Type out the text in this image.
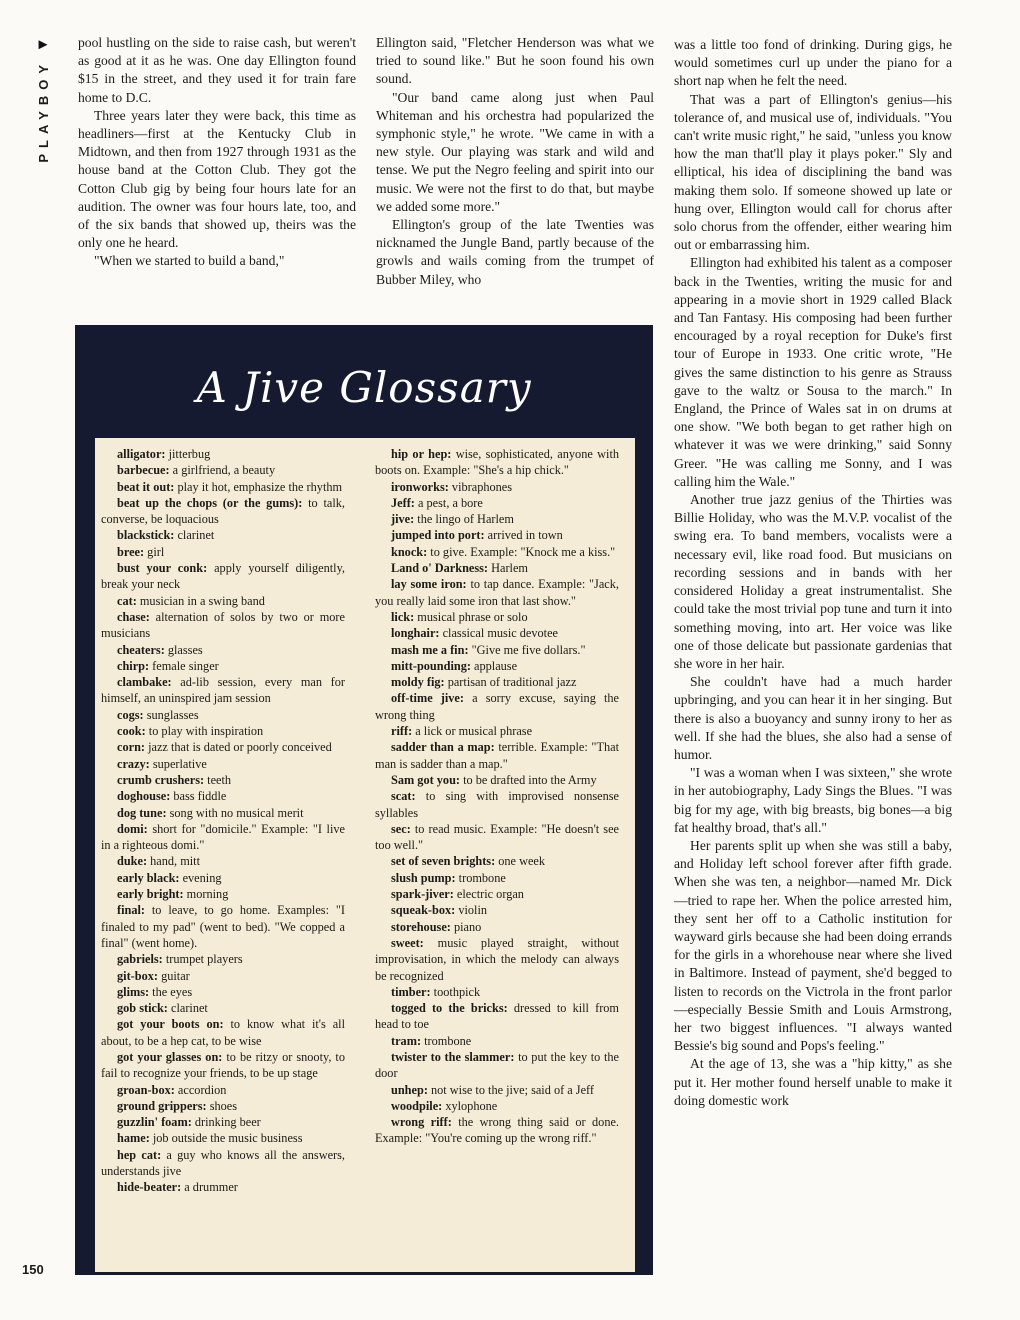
►
PLAYBOY

pool hustling on the side to raise cash, but weren't as good at it as he was. One day Ellington found $15 in the street, and they used it for train fare home to D.C.

Three years later they were back, this time as headliners—first at the Kentucky Club in Midtown, and then from 1927 through 1931 as the house band at the Cotton Club. They got the Cotton Club gig by being four hours late for an audition. The owner was four hours late, too, and of the six bands that showed up, theirs was the only one he heard.

"When we started to build a band,"

Ellington said, "Fletcher Henderson was what we tried to sound like." But he soon found his own sound.

"Our band came along just when Paul Whiteman and his orchestra had popularized the symphonic style," he wrote. "We came in with a new style. Our playing was stark and wild and tense. We put the Negro feeling and spirit into our music. We were not the first to do that, but maybe we added some more."

Ellington's group of the late Twenties was nicknamed the Jungle Band, partly because of the growls and wails coming from the trumpet of Bubber Miley, who

was a little too fond of drinking. During gigs, he would sometimes curl up under the piano for a short nap when he felt the need.

That was a part of Ellington's genius—his tolerance of, and musical use of, individuals. "You can't write music right," he said, "unless you know how the man that'll play it plays poker." Sly and elliptical, his idea of disciplining the band was making them solo. If someone showed up late or hung over, Ellington would call for chorus after solo chorus from the offender, either wearing him out or embarrassing him.

Ellington had exhibited his talent as a composer back in the Twenties, writing the music for and appearing in a movie short in 1929 called Black and Tan Fantasy. His composing had been further encouraged by a royal reception for Duke's first tour of Europe in 1933. One critic wrote, "He gives the same distinction to his genre as Strauss gave to the waltz or Sousa to the march." In England, the Prince of Wales sat in on drums at one show. "We both began to get rather high on whatever it was we were drinking," said Sonny Greer. "He was calling me Sonny, and I was calling him the Wale."

Another true jazz genius of the Thirties was Billie Holiday, who was the M.V.P. vocalist of the swing era. To band members, vocalists were a necessary evil, like road food. But musicians on recording sessions and in bands with her considered Holiday a great instrumentalist. She could take the most trivial pop tune and turn it into something moving, into art. Her voice was like one of those delicate but passionate gardenias that she wore in her hair.

She couldn't have had a much harder upbringing, and you can hear it in her singing. But there is also a buoyancy and sunny irony to her as well. If she had the blues, she also had a sense of humor.

"I was a woman when I was sixteen," she wrote in her autobiography, Lady Sings the Blues. "I was big for my age, with big breasts, big bones—a big fat healthy broad, that's all."

Her parents split up when she was still a baby, and Holiday left school forever after fifth grade. When she was ten, a neighbor—named Mr. Dick—tried to rape her. When the police arrested him, they sent her off to a Catholic institution for wayward girls because she had been doing errands for the girls in a whorehouse near where she lived in Baltimore. Instead of payment, she'd begged to listen to records on the Victrola in the front parlor—especially Bessie Smith and Louis Armstrong, her two biggest influences. "I always wanted Bessie's big sound and Pops's feeling."

At the age of 13, she was a "hip kitty," as she put it. Her mother found herself unable to make it doing domestic work

A Jive Glossary

alligator: jitterbug

barbecue: a girlfriend, a beauty

beat it out: play it hot, emphasize the rhythm

beat up the chops (or the gums): to talk, converse, be loquacious

blackstick: clarinet

bree: girl

bust your conk: apply yourself diligently, break your neck

cat: musician in a swing band

chase: alternation of solos by two or more musicians

cheaters: glasses

chirp: female singer

clambake: ad-lib session, every man for himself, an uninspired jam session

cogs: sunglasses

cook: to play with inspiration

corn: jazz that is dated or poorly conceived

crazy: superlative

crumb crushers: teeth

doghouse: bass fiddle

dog tune: song with no musical merit

domi: short for "domicile." Example: "I live in a righteous domi."

duke: hand, mitt

early black: evening

early bright: morning

final: to leave, to go home. Examples: "I finaled to my pad" (went to bed). "We copped a final" (went home).

gabriels: trumpet players

git-box: guitar

glims: the eyes

gob stick: clarinet

got your boots on: to know what it's all about, to be a hep cat, to be wise

got your glasses on: to be ritzy or snooty, to fail to recognize your friends, to be up stage

groan-box: accordion

ground grippers: shoes

guzzlin' foam: drinking beer

hame: job outside the music business

hep cat: a guy who knows all the answers, understands jive

hide-beater: a drummer

hip or hep: wise, sophisticated, anyone with boots on. Example: "She's a hip chick."

ironworks: vibraphones

Jeff: a pest, a bore

jive: the lingo of Harlem

jumped into port: arrived in town

knock: to give. Example: "Knock me a kiss."

Land o' Darkness: Harlem

lay some iron: to tap dance. Example: "Jack, you really laid some iron that last show."

lick: musical phrase or solo

longhair: classical music devotee

mash me a fin: "Give me five dollars."

mitt-pounding: applause

moldy fig: partisan of traditional jazz

off-time jive: a sorry excuse, saying the wrong thing

riff: a lick or musical phrase

sadder than a map: terrible. Example: "That man is sadder than a map."

Sam got you: to be drafted into the Army

scat: to sing with improvised nonsense syllables

sec: to read music. Example: "He doesn't see too well."

set of seven brights: one week

slush pump: trombone

spark-jiver: electric organ

squeak-box: violin

storehouse: piano

sweet: music played straight, without improvisation, in which the melody can always be recognized

timber: toothpick

togged to the bricks: dressed to kill from head to toe

tram: trombone

twister to the slammer: to put the key to the door

unhep: not wise to the jive; said of a Jeff

woodpile: xylophone

wrong riff: the wrong thing said or done. Example: "You're coming up the wrong riff."

150
